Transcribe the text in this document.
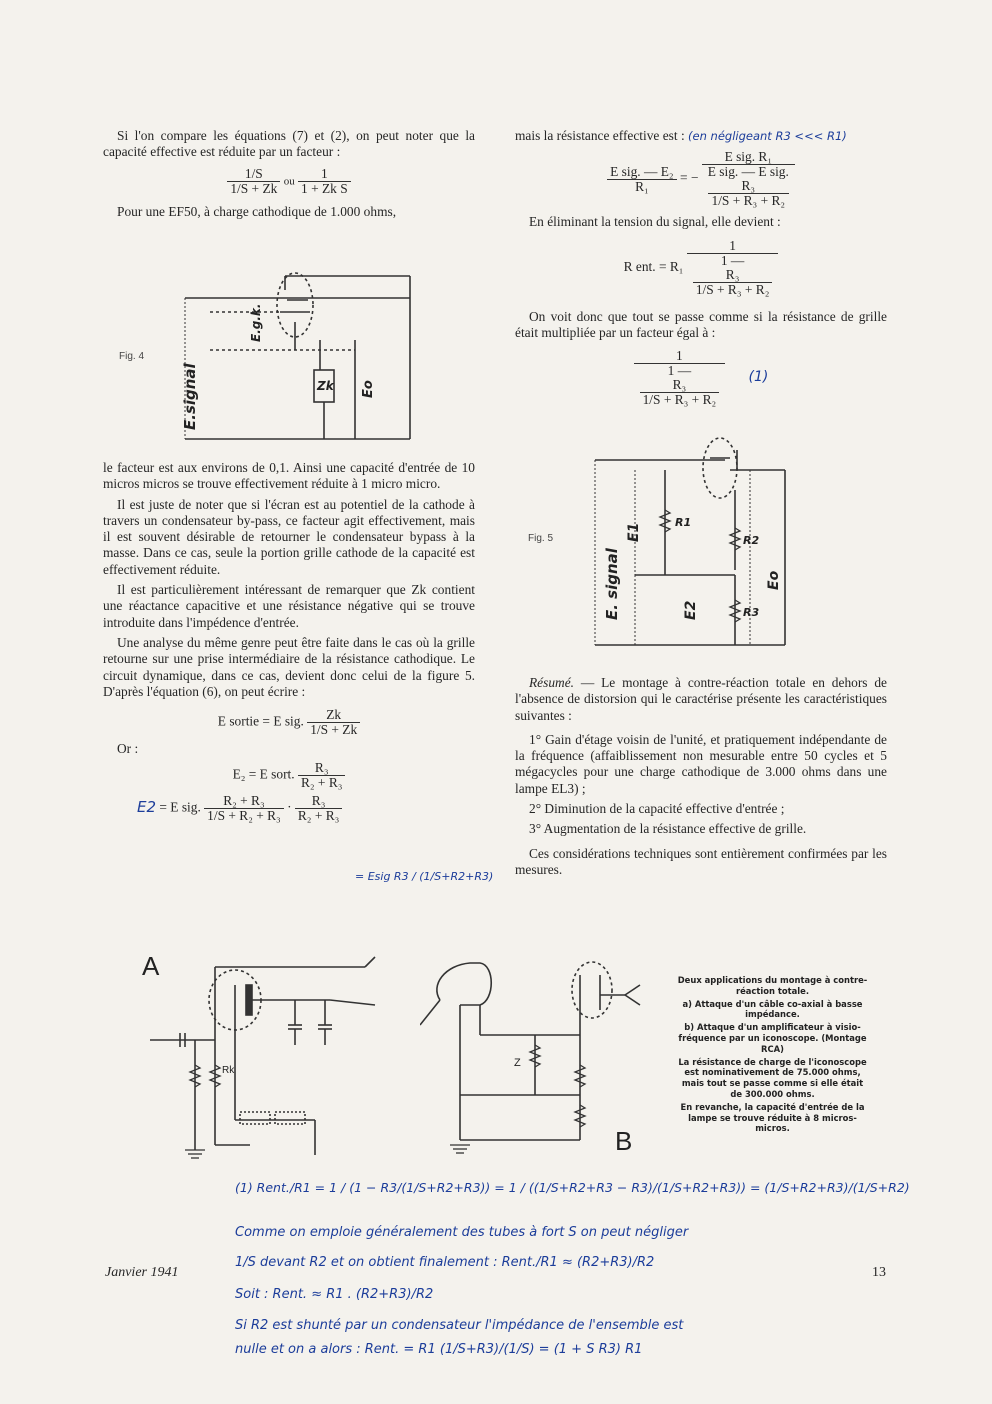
Si l'on compare les équations (7) et (2), on peut noter que la capacité effective est réduite par un facteur :

$\frac{1/S}{1/S + Zk}$ ou $\frac{1}{\text{1 + Zk S}}$

Pour une EF50, à charge cathodique de 1.000 ohms,

Fig. 4
E.signal
E.g.k.
Zk Eo

le facteur est aux environs de 0,1. Ainsi une capacité d'entrée de 10 micros micros se trouve effectivement réduite à 1 micro micro.

Il est juste de noter que si l'écran est au potentiel de la cathode à travers un condensateur by-pass, ce facteur agit effectivement, mais il est souvent désirable de retourner le condensateur bypass à la masse. Dans ce cas, seule la portion grille cathode de la capacité est effectivement réduite.

Il est particulièrement intéressant de remarquer que Zk contient une réactance capacitive et une résistance négative qui se trouve introduite dans l'impédence d'entrée.

Une analyse du même genre peut être faite dans le cas où la grille retourne sur une prise intermédiaire de la résistance cathodique. Le circuit dynamique, dans ce cas, devient donc celui de la figure 5. D'après l'équation (6), on peut écrire :

E sortie = E sig. $\frac{Zk}{1/S + Zk}$

Or :

E₂ = E sort. $\frac{\text{R₃}}{\text{R₂ + R₃}}$
E2 = E sig. $\frac{\text{R₂ + R₃}}{\text{1/S + R₂ + R₃}} \cdot \frac{\text{R₃}}{\text{R₂ + R₃}}$
= Esig R3 / (1/S+R2+R3)

mais la résistance effective est : (en négligeant R3 <<< R1)

$\frac{\text{E sig. — E₂}}{\text{R₁}}$ = − E sig. R₁
E sig. — E sig.
R₃
1/S + R₃ + R₂

En éliminant la tension du signal, elle devient :

R ent. = R₁ 1
1 —
R₃
1/S + R₃ + R₂

On voit donc que tout se passe comme si la résistance de grille était multipliée par un facteur égal à :

1
1 —
R₃
1/S + R₃ + R₂ (1)
Fig. 5
E. signal
E1
E2
Eo
R1
R2
R3

Résumé. — Le montage à contre-réaction totale en dehors de l'absence de distorsion qui le caractérise présente les caractéristiques suivantes :

1° Gain d'étage voisin de l'unité, et pratiquement indépendante de la fréquence (affaiblissement non mesurable entre 50 cycles et 5 mégacycles pour une charge cathodique de 3.000 ohms dans une lampe EL3) ;

2° Diminution de la capacité effective d'entrée ;

3° Augmentation de la résistance effective de grille.

Ces considérations techniques sont entièrement confirmées par les mesures.

A
Rk
B
Z
Deux applications du montage à contre-réaction totale.
a) Attaque d'un câble co-axial à basse impédance.
b) Attaque d'un amplificateur à visio-fréquence par un iconoscope. (Montage RCA)
La résistance de charge de l'iconoscope est nominativement de 75.000 ohms, mais tout se passe comme si elle était de 300.000 ohms.
En revanche, la capacité d'entrée de la lampe se trouve réduite à 8 micros-micros.
(1) Rent./R1 = 1 / (1 − R3/(1/S+R2+R3)) = 1 / ((1/S+R2+R3 − R3)/(1/S+R2+R3)) = (1/S+R2+R3)/(1/S+R2)
Comme on emploie généralement des tubes à fort S on peut négliger
1/S devant R2 et on obtient finalement : Rent./R1 ≈ (R2+R3)/R2
Soit : Rent. ≈ R1 . (R2+R3)/R2
Si R2 est shunté par un condensateur l'impédance de l'ensemble est
nulle et on a alors : Rent. = R1 (1/S+R3)/(1/S) = (1 + S R3) R1
Janvier 1941	13
